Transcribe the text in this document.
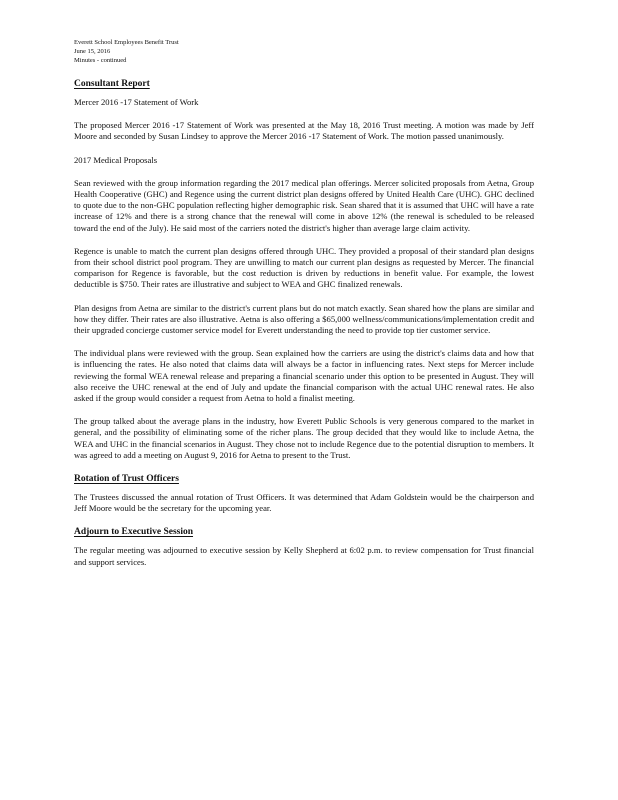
Everett School Employees Benefit Trust
June 15, 2016
Minutes - continued
Consultant Report

Mercer 2016 -17 Statement of Work

The proposed Mercer 2016 -17 Statement of Work was presented at the May 18, 2016 Trust meeting. A motion was made by Jeff Moore and seconded by Susan Lindsey to approve the Mercer 2016 -17 Statement of Work. The motion passed unanimously.

2017 Medical Proposals

Sean reviewed with the group information regarding the 2017 medical plan offerings. Mercer solicited proposals from Aetna, Group Health Cooperative (GHC) and Regence using the current district plan designs offered by United Health Care (UHC). GHC declined to quote due to the non-GHC population reflecting higher demographic risk. Sean shared that it is assumed that UHC will have a rate increase of 12% and there is a strong chance that the renewal will come in above 12% (the renewal is scheduled to be released toward the end of the July). He said most of the carriers noted the district's higher than average large claim activity.

Regence is unable to match the current plan designs offered through UHC. They provided a proposal of their standard plan designs from their school district pool program. They are unwilling to match our current plan designs as requested by Mercer. The financial comparison for Regence is favorable, but the cost reduction is driven by reductions in benefit value. For example, the lowest deductible is $750. Their rates are illustrative and subject to WEA and GHC finalized renewals.

Plan designs from Aetna are similar to the district's current plans but do not match exactly. Sean shared how the plans are similar and how they differ. Their rates are also illustrative. Aetna is also offering a $65,000 wellness/communications/implementation credit and their upgraded concierge customer service model for Everett understanding the need to provide top tier customer service.

The individual plans were reviewed with the group. Sean explained how the carriers are using the district's claims data and how that is influencing the rates. He also noted that claims data will always be a factor in influencing rates. Next steps for Mercer include reviewing the formal WEA renewal release and preparing a financial scenario under this option to be presented in August. They will also receive the UHC renewal at the end of July and update the financial comparison with the actual UHC renewal rates. He also asked if the group would consider a request from Aetna to hold a finalist meeting.

The group talked about the average plans in the industry, how Everett Public Schools is very generous compared to the market in general, and the possibility of eliminating some of the richer plans. The group decided that they would like to include Aetna, the WEA and UHC in the financial scenarios in August. They chose not to include Regence due to the potential disruption to members. It was agreed to add a meeting on August 9, 2016 for Aetna to present to the Trust.

Rotation of Trust Officers

The Trustees discussed the annual rotation of Trust Officers. It was determined that Adam Goldstein would be the chairperson and Jeff Moore would be the secretary for the upcoming year.

Adjourn to Executive Session

The regular meeting was adjourned to executive session by Kelly Shepherd at 6:02 p.m. to review compensation for Trust financial and support services.
